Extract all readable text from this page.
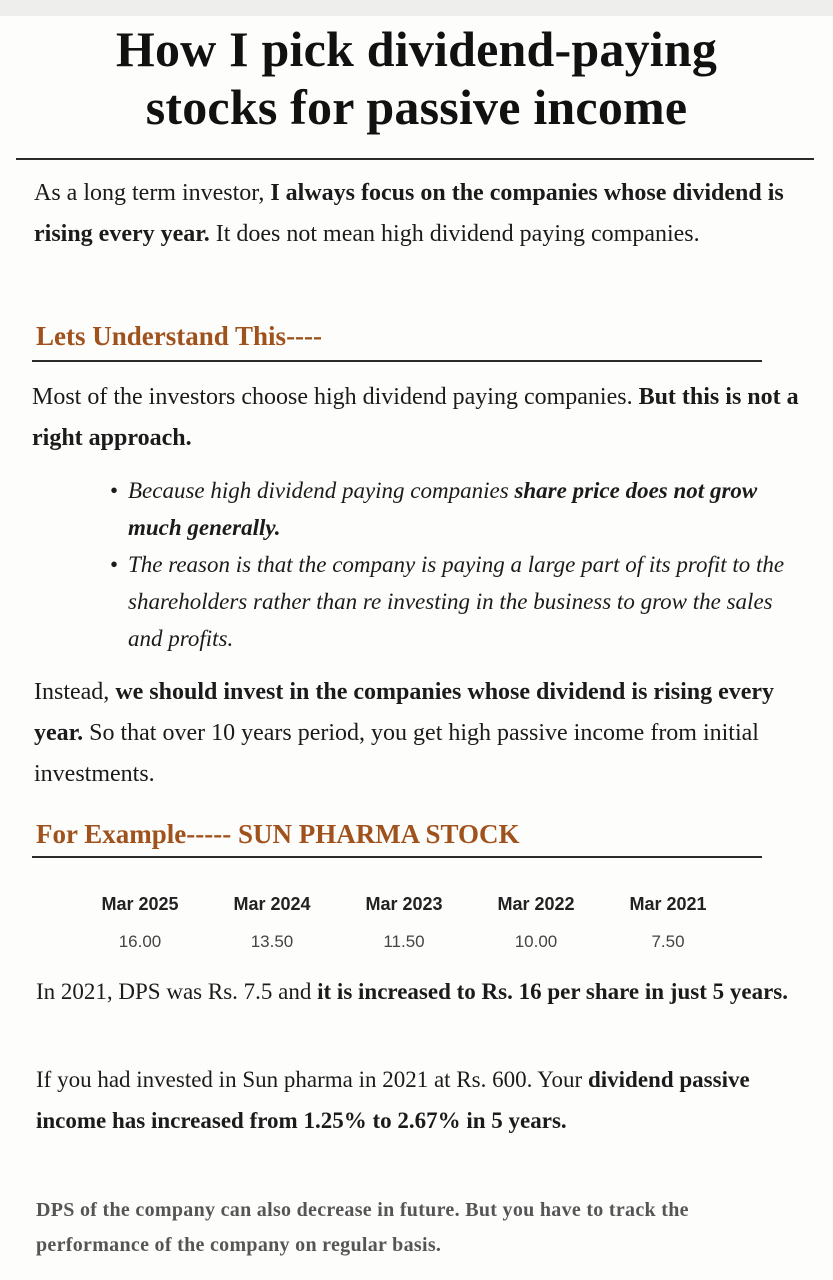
How I pick dividend-paying
stocks for passive income

As a long term investor, I always focus on the companies whose dividend is rising every year. It does not mean high dividend paying companies.

Lets Understand This----

Most of the investors choose high dividend paying companies. But this is not a right approach.

• Because high dividend paying companies share price does not grow much generally.
• The reason is that the company is paying a large part of its profit to the shareholders rather than re investing in the business to grow the sales and profits.

Instead, we should invest in the companies whose dividend is rising every year. So that over 10 years period, you get high passive income from initial investments.

For Example----- SUN PHARMA STOCK
Mar 2025	Mar 2024	Mar 2023	Mar 2022	Mar 2021
16.00	13.50	11.50	10.00	7.50

In 2021, DPS was Rs. 7.5 and it is increased to Rs. 16 per share in just 5 years.

If you had invested in Sun pharma in 2021 at Rs. 600. Your dividend passive income has increased from 1.25% to 2.67% in 5 years.

DPS of the company can also decrease in future. But you have to track the performance of the company on regular basis.
